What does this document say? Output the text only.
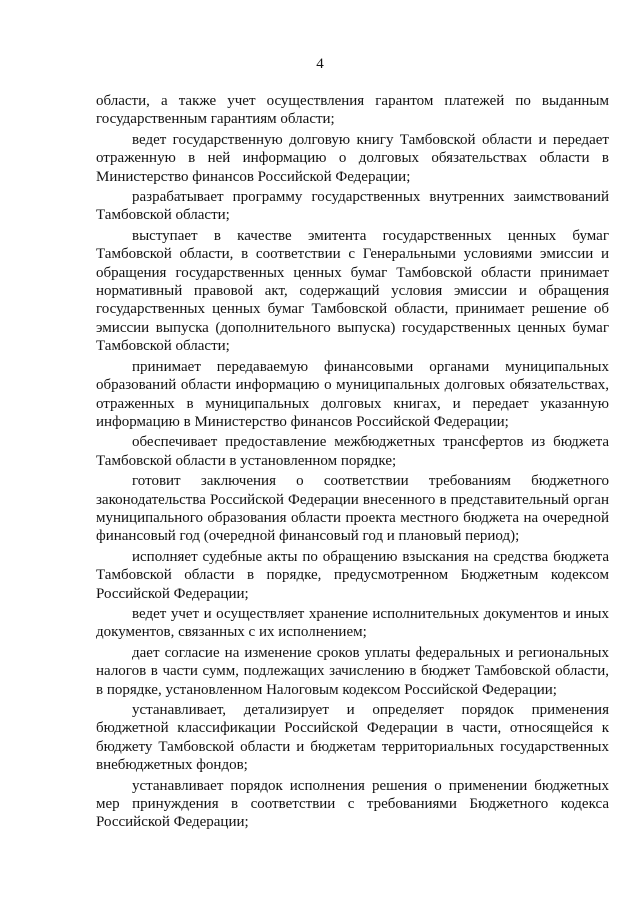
4

области, а также учет осуществления гарантом платежей по выданным государственным гарантиям области;

ведет государственную долговую книгу Тамбовской области и передает отраженную в ней информацию о долговых обязательствах области в Министерство финансов Российской Федерации;

разрабатывает программу государственных внутренних заимствований Тамбовской области;

выступает в качестве эмитента государственных ценных бумаг Тамбовской области, в соответствии с Генеральными условиями эмиссии и обращения государственных ценных бумаг Тамбовской области принимает нормативный правовой акт, содержащий условия эмиссии и обращения государственных ценных бумаг Тамбовской области, принимает решение об эмиссии выпуска (дополнительного выпуска) государственных ценных бумаг Тамбовской области;

принимает передаваемую финансовыми органами муниципальных образований области информацию о муниципальных долговых обязательствах, отраженных в муниципальных долговых книгах, и передает указанную информацию в Министерство финансов Российской Федерации;

обеспечивает предоставление межбюджетных трансфертов из бюджета Тамбовской области в установленном порядке;

готовит заключения о соответствии требованиям бюджетного законодательства Российской Федерации внесенного в представительный орган муниципального образования области проекта местного бюджета на очередной финансовый год (очередной финансовый год и плановый период);

исполняет судебные акты по обращению взыскания на средства бюджета Тамбовской области в порядке, предусмотренном Бюджетным кодексом Российской Федерации;

ведет учет и осуществляет хранение исполнительных документов и иных документов, связанных с их исполнением;

дает согласие на изменение сроков уплаты федеральных и региональных налогов в части сумм, подлежащих зачислению в бюджет Тамбовской области, в порядке, установленном Налоговым кодексом Российской Федерации;

устанавливает, детализирует и определяет порядок применения бюджетной классификации Российской Федерации в части, относящейся к бюджету Тамбовской области и бюджетам территориальных государственных внебюджетных фондов;

устанавливает порядок исполнения решения о применении бюджетных мер принуждения в соответствии с требованиями Бюджетного кодекса Российской Федерации;
